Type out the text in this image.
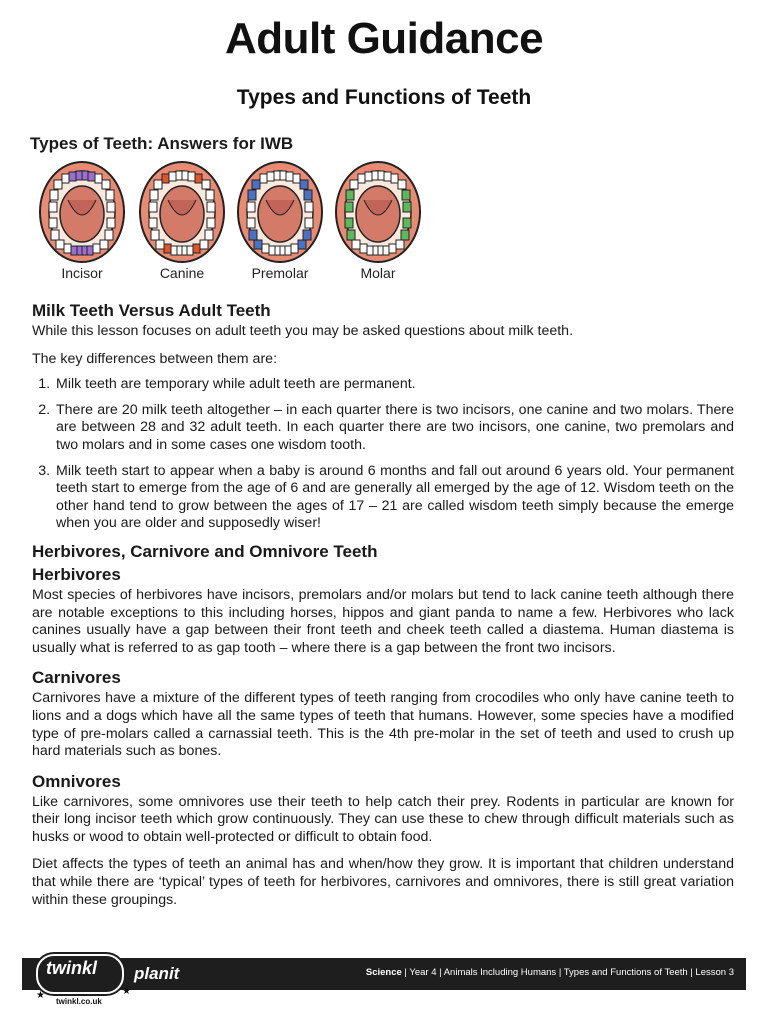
Adult Guidance
Types and Functions of Teeth
Types of Teeth: Answers for IWB
Incisor	Canine	Premolar	Molar
Milk Teeth Versus Adult Teeth

While this lesson focuses on adult teeth you may be asked questions about milk teeth.

The key differences between them are:

1. Milk teeth are temporary while adult teeth are permanent.
2. There are 20 milk teeth altogether – in each quarter there is two incisors, one canine and two molars. There are between 28 and 32 adult teeth. In each quarter there are two incisors, one canine, two premolars and two molars and in some cases one wisdom tooth.
3. Milk teeth start to appear when a baby is around 6 months and fall out around 6 years old. Your permanent teeth start to emerge from the age of 6 and are generally all emerged by the age of 12. Wisdom teeth on the other hand tend to grow between the ages of 17 – 21 are called wisdom teeth simply because the emerge when you are older and supposedly wiser!
Herbivores, Carnivore and Omnivore Teeth
Herbivores

Most species of herbivores have incisors, premolars and/or molars but tend to lack canine teeth although there are notable exceptions to this including horses, hippos and giant panda to name a few. Herbivores who lack canines usually have a gap between their front teeth and cheek teeth called a diastema. Human diastema is usually what is referred to as gap tooth – where there is a gap between the front two incisors.

Carnivores

Carnivores have a mixture of the different types of teeth ranging from crocodiles who only have canine teeth to lions and a dogs which have all the same types of teeth that humans. However, some species have a modified type of pre-molars called a carnassial teeth. This is the 4th pre-molar in the set of teeth and used to crush up hard materials such as bones.

Omnivores

Like carnivores, some omnivores use their teeth to help catch their prey. Rodents in particular are known for their long incisor teeth which grow continuously. They can use these to chew through difficult materials such as husks or wood to obtain well-protected or difficult to obtain food.

Diet affects the types of teeth an animal has and when/how they grow. It is important that children understand that while there are ‘typical’ types of teeth for herbivores, carnivores and omnivores, there is still great variation within these groupings.

Science | Year 4 | Animals Including Humans | Types and Functions of Teeth | Lesson 3
twinkl
★	★
planit
twinkl.co.uk
